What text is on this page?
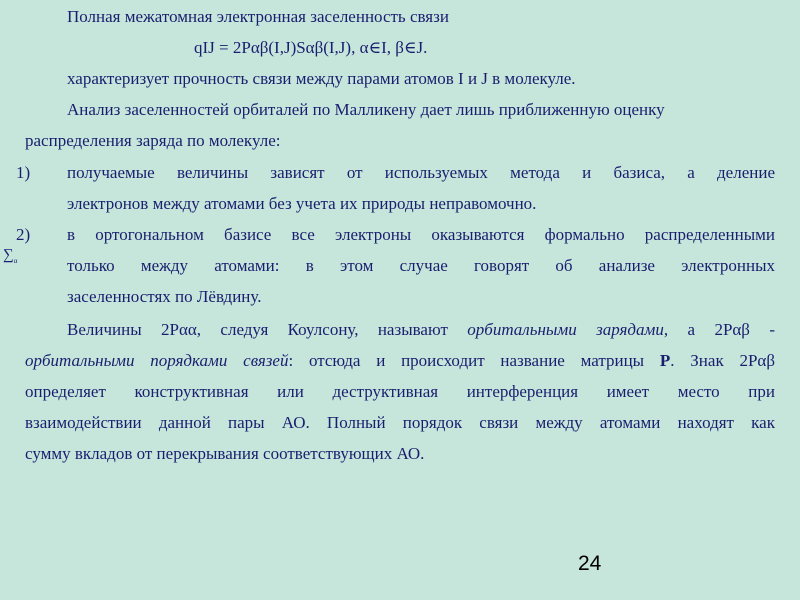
Полная межатомная электронная заселенность связи
qIJ = 2Pαβ(I,J)Sαβ(I,J), α∈I, β∈J.
характеризует прочность связи между парами атомов I и J в молекуле.
Анализ заселенностей орбиталей по Малликену дает лишь приближенную оценку
распределения заряда по молекуле:
1) получаемые величины зависят от используемых метода и базиса, а деление
электронов между атомами без учета их природы неправомочно.
2) в ортогональном базисе все электроны оказываются формально распределенными
только между атомами: в этом случае говорят об анализе электронных
заселенностях по Лёвдину.
$\sum_\alpha$
Величины 2Pαα, следуя Коулсону, называют орбитальными зарядами, а 2Pαβ -
орбитальными порядками связей: отсюда и происходит название матрицы P. Знак 2Pαβ
определяет конструктивная или деструктивная интерференция имеет место при
взаимодействии данной пары АО. Полный порядок связи между атомами находят как
сумму вкладов от перекрывания соответствующих АО.
24
